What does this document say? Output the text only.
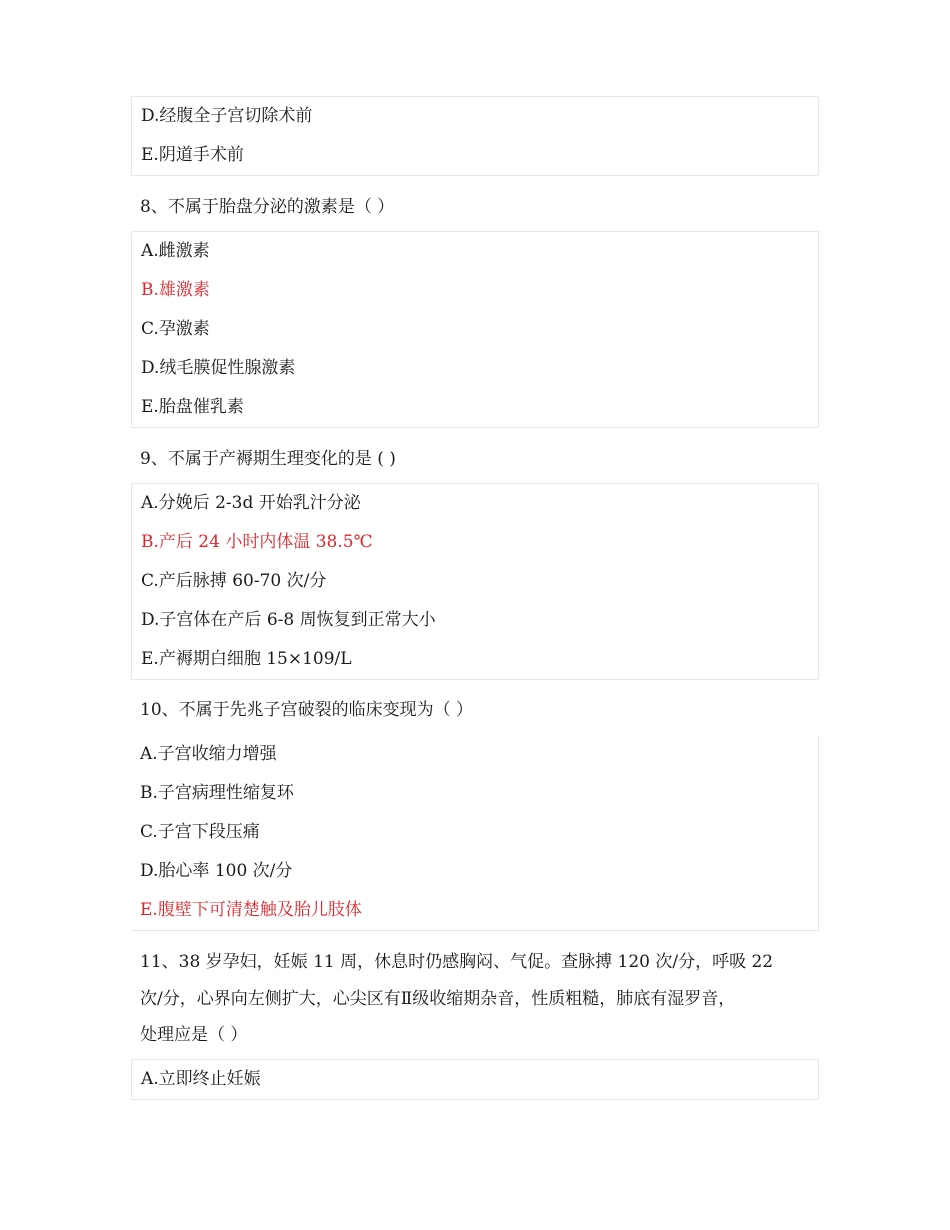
D.经腹全子宫切除术前
E.阴道手术前
8、不属于胎盘分泌的激素是（ ）
A.雌激素
B.雄激素
C.孕激素
D.绒毛膜促性腺激素
E.胎盘催乳素
9、不属于产褥期生理变化的是 ( )
A.分娩后 2-3d 开始乳汁分泌
B.产后 24 小时内体温 38.5℃
C.产后脉搏 60-70 次/分
D.子宫体在产后 6-8 周恢复到正常大小
E.产褥期白细胞 15×109/L
10、不属于先兆子宫破裂的临床变现为（ ）
A.子宫收缩力增强
B.子宫病理性缩复环
C.子宫下段压痛
D.胎心率 100 次/分
E.腹壁下可清楚触及胎儿肢体
11、38 岁孕妇，妊娠 11 周，休息时仍感胸闷、气促。查脉搏 120 次/分，呼吸 22
次/分，心界向左侧扩大，心尖区有Ⅱ级收缩期杂音，性质粗糙，肺底有湿罗音，
处理应是（ ）
A.立即终止妊娠
